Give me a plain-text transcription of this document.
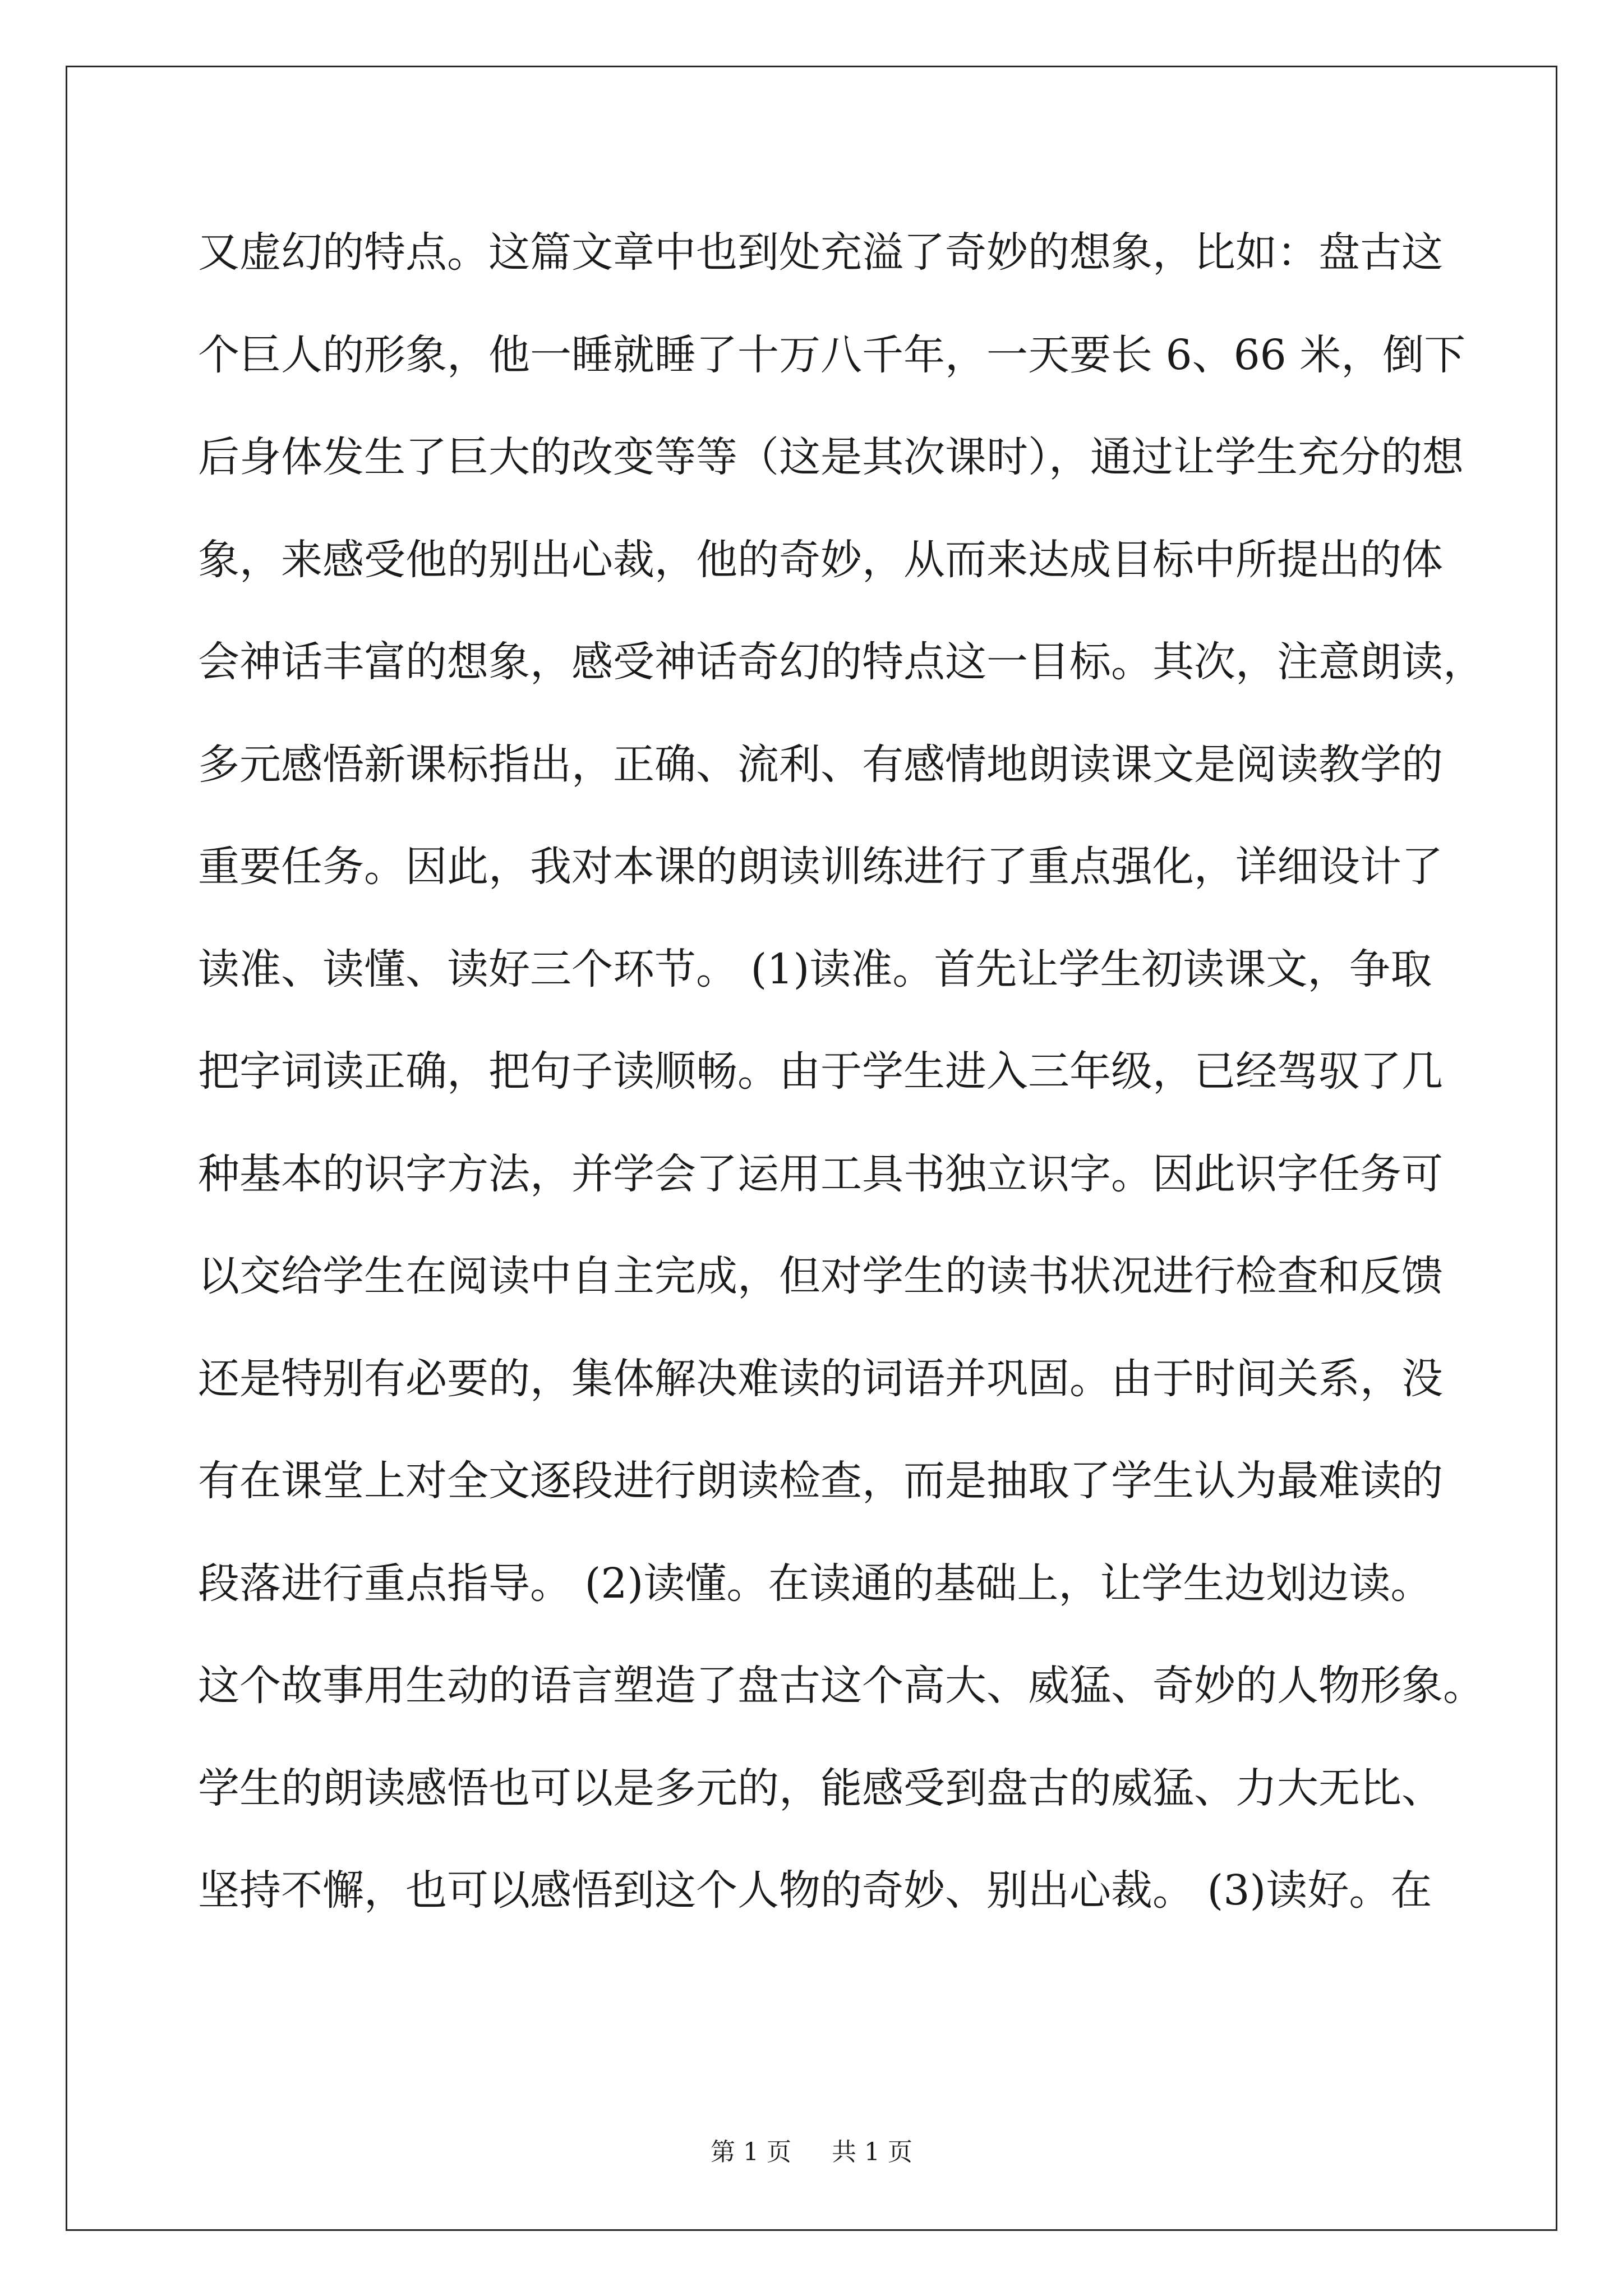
又虚幻的特点。这篇文章中也到处充溢了奇妙的想象，比如：盘古这
个巨人的形象，他一睡就睡了十万八千年，一天要长 6、66 米，倒下
后身体发生了巨大的改变等等（这是其次课时），通过让学生充分的想
象，来感受他的别出心裁，他的奇妙，从而来达成目标中所提出的体
会神话丰富的想象，感受神话奇幻的特点这一目标。其次，注意朗读，
多元感悟新课标指出，正确、流利、有感情地朗读课文是阅读教学的
重要任务。因此，我对本课的朗读训练进行了重点强化，详细设计了
读准、读懂、读好三个环节。 (1)读准。首先让学生初读课文，争取
把字词读正确，把句子读顺畅。由于学生进入三年级，已经驾驭了几
种基本的识字方法，并学会了运用工具书独立识字。因此识字任务可
以交给学生在阅读中自主完成，但对学生的读书状况进行检查和反馈
还是特别有必要的，集体解决难读的词语并巩固。由于时间关系，没
有在课堂上对全文逐段进行朗读检查，而是抽取了学生认为最难读的
段落进行重点指导。 (2)读懂。在读通的基础上，让学生边划边读。
这个故事用生动的语言塑造了盘古这个高大、威猛、奇妙的人物形象。
学生的朗读感悟也可以是多元的，能感受到盘古的威猛、力大无比、
坚持不懈，也可以感悟到这个人物的奇妙、别出心裁。 (3)读好。在
第 1 页 共 1 页
